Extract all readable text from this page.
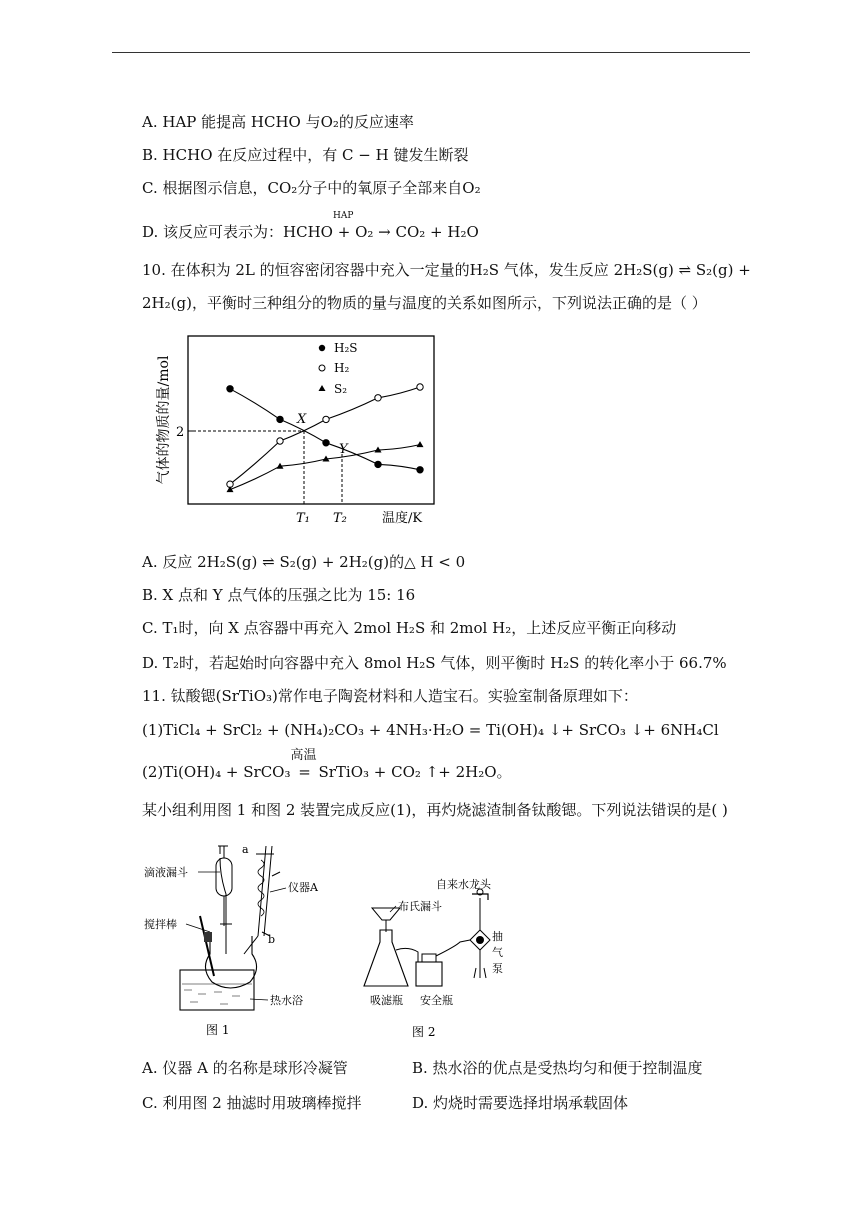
A. HAP 能提高 HCHO 与O₂的反应速率
B. HCHO 在反应过程中，有 C − H 键发生断裂
C. 根据图示信息，CO₂分子中的氧原子全部来自O₂
D. 该反应可表示为：HCHO + O₂ → CO₂ + H₂O
HAP
10. 在体积为 2L 的恒容密闭容器中充入一定量的H₂S 气体，发生反应 2H₂S(g) ⇌ S₂(g) +
2H₂(g)，平衡时三种组分的物质的量与温度的关系如图所示，下列说法正确的是（ ）
气体的物质的量/mol 2
T₁ T₂	温度/K
X
Y
H₂S
H₂
S₂
A. 反应 2H₂S(g) ⇌ S₂(g) + 2H₂(g)的△ H < 0
B. X 点和 Y 点气体的压强之比为 15: 16
C. T₁时，向 X 点容器中再充入 2mol H₂S 和 2mol H₂，上述反应平衡正向移动
D. T₂时，若起始时向容器中充入 8mol H₂S 气体，则平衡时 H₂S 的转化率小于 66.7%
11. 钛酸锶(SrTiO₃)常作电子陶瓷材料和人造宝石。实验室制备原理如下：
(1)TiCl₄ + SrCl₂ + (NH₄)₂CO₃ + 4NH₃·H₂O = Ti(OH)₄ ↓+ SrCO₃ ↓+ 6NH₄Cl
(2)Ti(OH)₄ + SrCO₃
高温
= SrTiO₃ + CO₂ ↑+ 2H₂O。
某小组利用图 1 和图 2 装置完成反应(1)，再灼烧滤渣制备钛酸锶。下列说法错误的是( )
滴液漏斗
搅拌棒
仪器A
热水浴
a
b
图 1
自来水龙头
布氏漏斗
抽
气
泵
吸滤瓶 安全瓶
图 2
A. 仪器 A 的名称是球形冷凝管	B. 热水浴的优点是受热均匀和便于控制温度
C. 利用图 2 抽滤时用玻璃棒搅拌	D. 灼烧时需要选择坩埚承载固体
